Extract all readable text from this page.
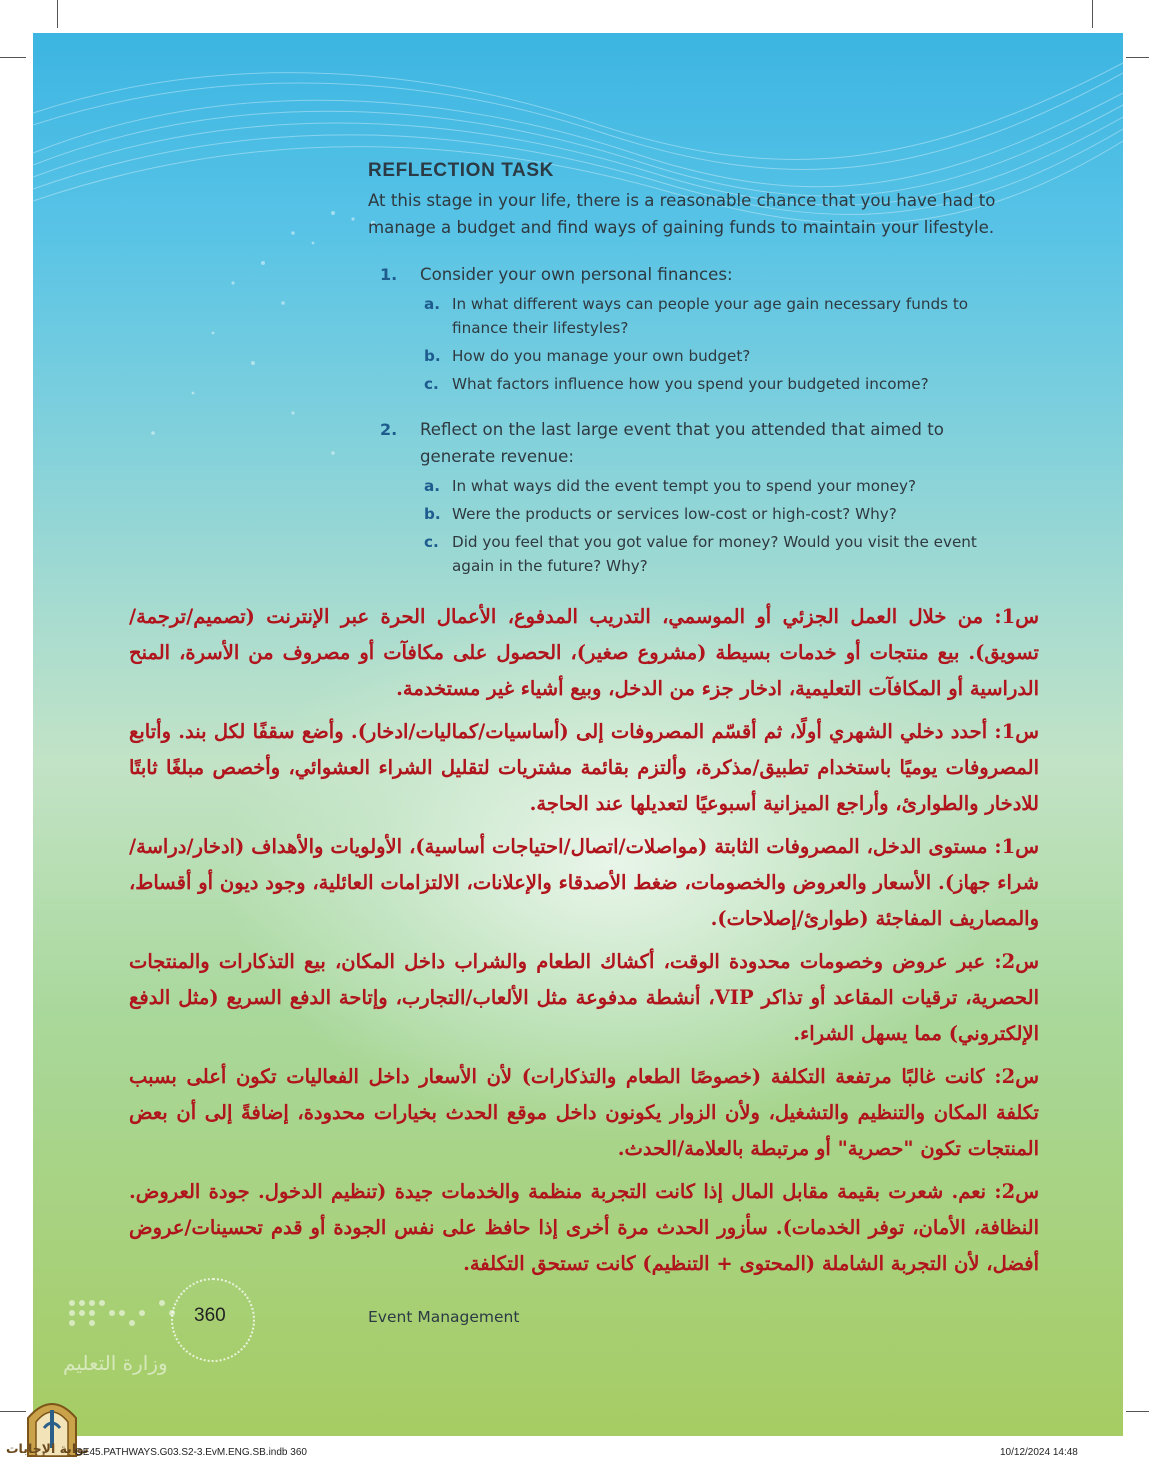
REFLECTION TASK
At this stage in your life, there is a reasonable chance that you have had to manage a budget and find ways of gaining funds to maintain your lifestyle.
1. Consider your own personal finances:
a. In what different ways can people your age gain necessary funds to finance their lifestyles?
b. How do you manage your own budget?
c. What factors influence how you spend your budgeted income?
2. Reflect on the last large event that you attended that aimed to generate revenue:
a. In what ways did the event tempt you to spend your money?
b. Were the products or services low-cost or high-cost? Why?
c. Did you feel that you got value for money? Would you visit the event again in the future? Why?

س1: من خلال العمل الجزئي أو الموسمي، التدريب المدفوع، الأعمال الحرة عبر الإنترنت (تصميم/ترجمة/تسويق). بيع منتجات أو خدمات بسيطة (مشروع صغير)، الحصول على مكافآت أو مصروف من الأسرة، المنح الدراسية أو المكافآت التعليمية، ادخار جزء من الدخل، وبيع أشياء غير مستخدمة.

س1: أحدد دخلي الشهري أولًا، ثم أقسّم المصروفات إلى (أساسيات/كماليات/ادخار). وأضع سقفًا لكل بند. وأتابع المصروفات يوميًا باستخدام تطبيق/مذكرة، وألتزم بقائمة مشتريات لتقليل الشراء العشوائي، وأخصص مبلغًا ثابتًا للادخار والطوارئ، وأراجع الميزانية أسبوعيًا لتعديلها عند الحاجة.

س1: مستوى الدخل، المصروفات الثابتة (مواصلات/اتصال/احتياجات أساسية)، الأولويات والأهداف (ادخار/دراسة/شراء جهاز). الأسعار والعروض والخصومات، ضغط الأصدقاء والإعلانات، الالتزامات العائلية، وجود ديون أو أقساط، والمصاريف المفاجئة (طوارئ/إصلاحات).

س2: عبر عروض وخصومات محدودة الوقت، أكشاك الطعام والشراب داخل المكان، بيع التذكارات والمنتجات الحصرية، ترقيات المقاعد أو تذاكر VIP، أنشطة مدفوعة مثل الألعاب/التجارب، وإتاحة الدفع السريع (مثل الدفع الإلكتروني) مما يسهل الشراء.

س2: كانت غالبًا مرتفعة التكلفة (خصوصًا الطعام والتذكارات) لأن الأسعار داخل الفعاليات تكون أعلى بسبب تكلفة المكان والتنظيم والتشغيل، ولأن الزوار يكونون داخل موقع الحدث بخيارات محدودة، إضافةً إلى أن بعض المنتجات تكون "حصرية" أو مرتبطة بالعلامة/الحدث.

س2: نعم. شعرت بقيمة مقابل المال إذا كانت التجربة منظمة والخدمات جيدة (تنظيم الدخول. جودة العروض. النظافة، الأمان، توفر الخدمات). سأزور الحدث مرة أخرى إذا حافظ على نفس الجودة أو قدم تحسينات/عروض أفضل، لأن التجربة الشاملة (المحتوى + التنظيم) كانت تستحق التكلفة.

وزارة التعليم
360	Event Management
بوابة الإجابات
GE45.PATHWAYS.G03.S2-3.EvM.ENG.SB.indb 360	10/12/2024 14:48
